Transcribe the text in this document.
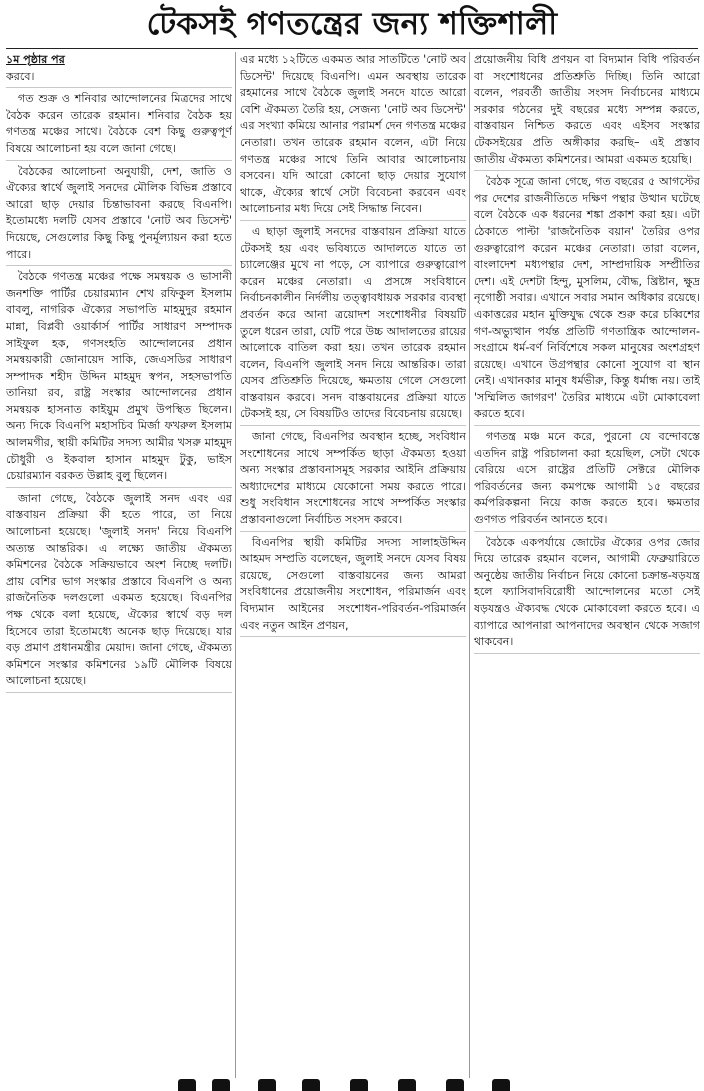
টেকসই গণতন্ত্রের জন্য শক্তিশালী

১ম পৃষ্ঠার পর

করবে।

গত শুক্র ও শনিবার আন্দোলনের মিত্রদের সাথে বৈঠক করেন তারেক রহমান। শনিবার বৈঠক হয় গণতন্ত্র মঞ্চের সাথে। বৈঠকে বেশ কিছু গুরুত্বপূর্ণ বিষয়ে আলোচনা হয় বলে জানা গেছে।

বৈঠকের আলোচনা অনুযায়ী, দেশ, জাতি ও ঐক্যের স্বার্থে জুলাই সনদের মৌলিক বিভিন্ন প্রস্তাবে আরো ছাড় দেয়ার চিন্তাভাবনা করছে বিএনপি। ইতোমধ্যে দলটি যেসব প্রস্তাবে 'নোট অব ডিসেন্ট' দিয়েছে, সেগুলোর কিছু কিছু পুনর্মূল্যায়ন করা হতে পারে।

বৈঠকে গণতন্ত্র মঞ্চের পক্ষে সমন্বয়ক ও ভাসানী জনশক্তি পার্টির চেয়ারম্যান শেখ রফিকুল ইসলাম বাবলু, নাগরিক ঐক্যের সভাপতি মাহমুদুর রহমান মান্না, বিপ্লবী ওয়ার্কার্স পার্টির সাধারণ সম্পাদক সাইফুল হক, গণসংহতি আন্দোলনের প্রধান সমন্বয়কারী জোনায়েদ সাকি, জেএসডির সাধারণ সম্পাদক শহীদ উদ্দিন মাহমুদ স্বপন, সহসভাপতি তানিয়া রব, রাষ্ট্র সংস্কার আন্দোলনের প্রধান সমন্বয়ক হাসনাত কাইয়ুম প্রমুখ উপস্থিত ছিলেন। অন্য দিকে বিএনপি মহাসচিব মির্জা ফখরুল ইসলাম আলমগীর, স্থায়ী কমিটির সদস্য আমীর খসরু মাহমুদ চৌধুরী ও ইকবাল হাসান মাহমুদ টুকু, ভাইস চেয়ারম্যান বরকত উল্লাহ বুলু ছিলেন।

জানা গেছে, বৈঠকে জুলাই সনদ এবং এর বাস্তবায়ন প্রক্রিয়া কী হতে পারে, তা নিয়ে আলোচনা হয়েছে। 'জুলাই সনদ' নিয়ে বিএনপি অত্যন্ত আন্তরিক। এ লক্ষ্যে জাতীয় ঐকমত্য কমিশনের বৈঠকে সক্রিয়ভাবে অংশ নিচ্ছে দলটি। প্রায় বেশির ভাগ সংস্কার প্রস্তাবে বিএনপি ও অন্য রাজনৈতিক দলগুলো একমত হয়েছে। বিএনপির পক্ষ থেকে বলা হয়েছে, ঐক্যের স্বার্থে বড় দল হিসেবে তারা ইতোমধ্যে অনেক ছাড় দিয়েছে। যার বড় প্রমাণ প্রধানমন্ত্রীর মেয়াদ। জানা গেছে, ঐকমত্য কমিশনে সংস্কার কমিশনের ১৯টি মৌলিক বিষয়ে আলোচনা হয়েছে।

এর মধ্যে ১২টিতে একমত আর সাতটিতে 'নোট অব ডিসেন্ট' দিয়েছে বিএনপি। এমন অবস্থায় তারেক রহমানের সাথে বৈঠকে জুলাই সনদে যাতে আরো বেশি ঐকমত্য তৈরি হয়, সেজন্য 'নোট অব ডিসেন্ট' এর সংখ্যা কমিয়ে আনার পরামর্শ দেন গণতন্ত্র মঞ্চের নেতারা। তখন তারেক রহমান বলেন, এটা নিয়ে গণতন্ত্র মঞ্চের সাথে তিনি আবার আলোচনায় বসবেন। যদি আরো কোনো ছাড় দেয়ার সুযোগ থাকে, ঐক্যের স্বার্থে সেটা বিবেচনা করবেন এবং আলোচনার মধ্য দিয়ে সেই সিদ্ধান্ত নিবেন।

এ ছাড়া জুলাই সনদের বাস্তবায়ন প্রক্রিয়া যাতে টেকসই হয় এবং ভবিষ্যতে আদালতে যাতে তা চ্যালেঞ্জের মুখে না পড়ে, সে ব্যাপারে গুরুত্বারোপ করেন মঞ্চের নেতারা। এ প্রসঙ্গে সংবিধানে নির্বাচনকালীন নির্দলীয় তত্ত্বাবধায়ক সরকার ব্যবস্থা প্রবর্তন করে আনা ত্রয়োদশ সংশোধনীর বিষয়টি তুলে ধরেন তারা, যেটি পরে উচ্চ আদালতের রায়ের আলোকে বাতিল করা হয়। তখন তারেক রহমান বলেন, বিএনপি জুলাই সনদ নিয়ে আন্তরিক। তারা যেসব প্রতিশ্রুতি দিয়েছে, ক্ষমতায় গেলে সেগুলো বাস্তবায়ন করবে। সনদ বাস্তবায়নের প্রক্রিয়া যাতে টেকসই হয়, সে বিষয়টিও তাদের বিবেচনায় রয়েছে।

জানা গেছে, বিএনপির অবস্থান হচ্ছে, সংবিধান সংশোধনের সাথে সম্পর্কিত ছাড়া ঐকমত্য হওয়া অন্য সংস্কার প্রস্তাবনাসমূহ সরকার আইনি প্রক্রিয়ায় অধ্যাদেশের মাধ্যমে যেকোনো সময় করতে পারে। শুধু সংবিধান সংশোধনের সাথে সম্পর্কিত সংস্কার প্রস্তাবনাগুলো নির্বাচিত সংসদ করবে।

বিএনপির স্থায়ী কমিটির সদস্য সালাহউদ্দিন আহমদ সম্প্রতি বলেছেন, জুলাই সনদে যেসব বিষয় রয়েছে, সেগুলো বাস্তবায়নের জন্য আমরা সংবিধানের প্রয়োজনীয় সংশোধন, পরিমার্জন এবং বিদ্যমান আইনের সংশোধন-পরিবর্তন-পরিমার্জন এবং নতুন আইন প্রণয়ন,

প্রয়োজনীয় বিধি প্রণয়ন বা বিদ্যমান বিধি পরিবর্তন বা সংশোধনের প্রতিশ্রুতি দিচ্ছি। তিনি আরো বলেন, পরবর্তী জাতীয় সংসদ নির্বাচনের মাধ্যমে সরকার গঠনের দুই বছরের মধ্যে সম্পন্ন করতে, বাস্তবায়ন নিশ্চিত করতে এবং এইসব সংস্কার টেকসইয়ের প্রতি অঙ্গীকার করছি– এই প্রস্তাব জাতীয় ঐকমত্য কমিশনের। আমরা একমত হয়েছি।

বৈঠক সূত্রে জানা গেছে, গত বছরের ৫ আগস্টের পর দেশের রাজনীতিতে দক্ষিণ পন্থার উত্থান ঘটেছে বলে বৈঠকে এক ধরনের শঙ্কা প্রকাশ করা হয়। এটা ঠেকাতে পাল্টা 'রাজনৈতিক বয়ান' তৈরির ওপর গুরুত্বারোপ করেন মঞ্চের নেতারা। তারা বলেন, বাংলাদেশ মধ্যপন্থার দেশ, সাম্প্রদায়িক সম্প্রীতির দেশ। এই দেশটা হিন্দু, মুসলিম, বৌদ্ধ, খ্রিষ্টান, ক্ষুদ্র নৃগোষ্ঠী সবার। এখানে সবার সমান অধিকার রয়েছে। একাত্তরের মহান মুক্তিযুদ্ধ থেকে শুরু করে চব্বিশের গণ-অভ্যুত্থান পর্যন্ত প্রতিটি গণতান্ত্রিক আন্দোলন-সংগ্রামে ধর্ম-বর্ণ নির্বিশেষে সকল মানুষের অংশগ্রহণ রয়েছে। এখানে উগ্রপন্থার কোনো সুযোগ বা স্থান নেই। এখানকার মানুষ ধর্মভীরু, কিন্তু ধর্মান্ধ নয়। তাই 'সম্মিলিত জাগরণ' তৈরির মাধ্যমে এটা মোকাবেলা করতে হবে।

গণতন্ত্র মঞ্চ মনে করে, পুরনো যে বন্দোবস্তে এতদিন রাষ্ট্র পরিচালনা করা হয়েছিল, সেটা থেকে বেরিয়ে এসে রাষ্ট্রের প্রতিটি সেক্টরে মৌলিক পরিবর্তনের জন্য কমপক্ষে আগামী ১৫ বছরের কর্মপরিকল্পনা নিয়ে কাজ করতে হবে। ক্ষমতার গুণগত পরিবর্তন আনতে হবে।

বৈঠকে একপর্যায়ে জোটের ঐক্যের ওপর জোর দিয়ে তারেক রহমান বলেন, আগামী ফেব্রুয়ারিতে অনুষ্ঠেয় জাতীয় নির্বাচন নিয়ে কোনো চক্রান্ত-ষড়যন্ত্র হলে ফ্যাসিবাদবিরোধী আন্দোলনের মতো সেই ষড়যন্ত্রও ঐক্যবদ্ধ থেকে মোকাবেলা করতে হবে। এ ব্যাপারে আপনারা আপনাদের অবস্থান থেকে সজাগ থাকবেন।
